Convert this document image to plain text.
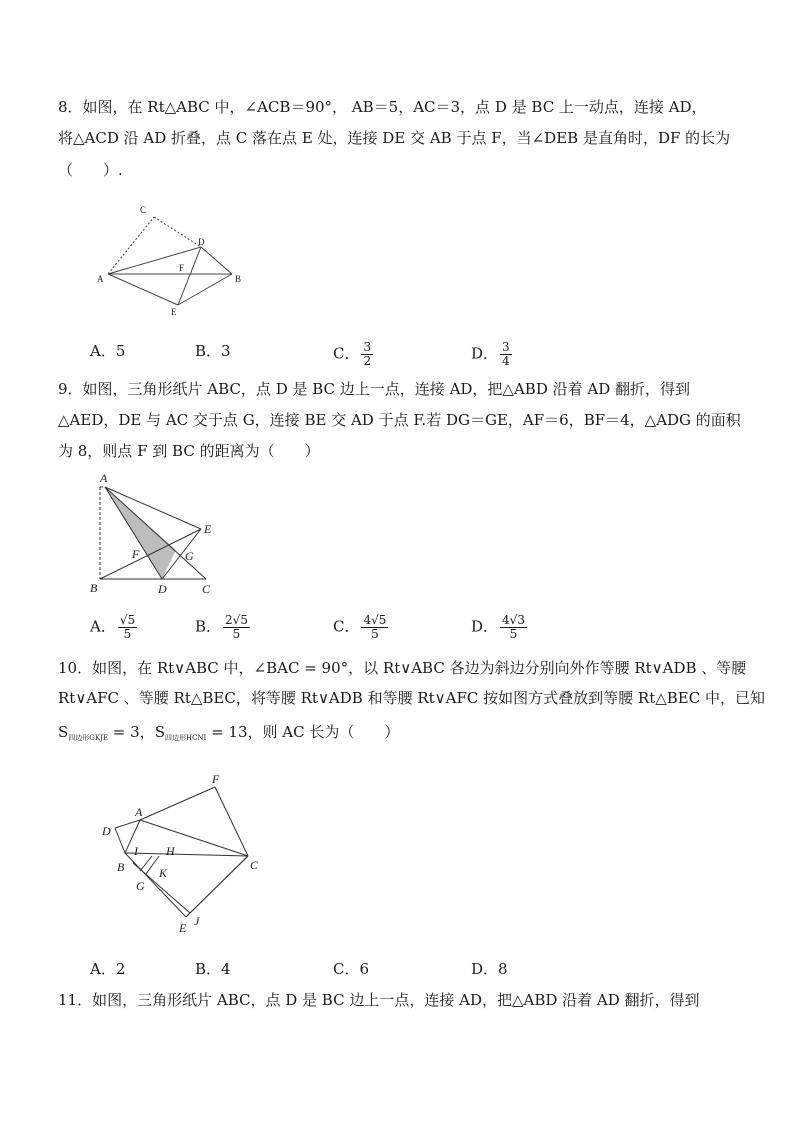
8．如图，在 Rt△ABC 中，∠ACB＝90°， AB＝5，AC＝3，点 D 是 BC 上一动点，连接 AD，
将△ACD 沿 AD 折叠，点 C 落在点 E 处，连接 DE 交 AB 于点 F，当∠DEB 是直角时，DF 的长为
（　　）.
C
D
A
F
B
E
A．5	B．3	C． $\frac{3}{2}$	D． $\frac{3}{4}$
9．如图，三角形纸片 ABC，点 D 是 BC 边上一点，连接 AD，把△ABD 沿着 AD 翻折，得到
△AED，DE 与 AC 交于点 G，连接 BE 交 AD 于点 F.若 DG＝GE，AF＝6，BF＝4，△ADG 的面积
为 8，则点 F 到 BC 的距离为（　　）
A
E
F	G
B	D	C
A． $\frac{√5}{5}$	B． $\frac{2√5}{5}$	C． $\frac{4√5}{5}$	D． $\frac{4√3}{5}$
10．如图，在 Rt∨ABC 中，∠BAC = 90°，以 Rt∨ABC 各边为斜边分别向外作等腰 Rt∨ADB 、等腰
Rt∨AFC 、等腰 Rt△BEC，将等腰 Rt∨ADB 和等腰 Rt∨AFC 按如图方式叠放到等腰 Rt△BEC 中，已知
$S_{四边形GKJE} = 3$，$S_{四边形HCNI} = 13$，则 AC 长为（　　）
F
A
D
I H
B	C
K
G
E J
A．2	B．4	C．6	D．8
11．如图，三角形纸片 ABC，点 D 是 BC 边上一点，连接 AD，把△ABD 沿着 AD 翻折，得到
